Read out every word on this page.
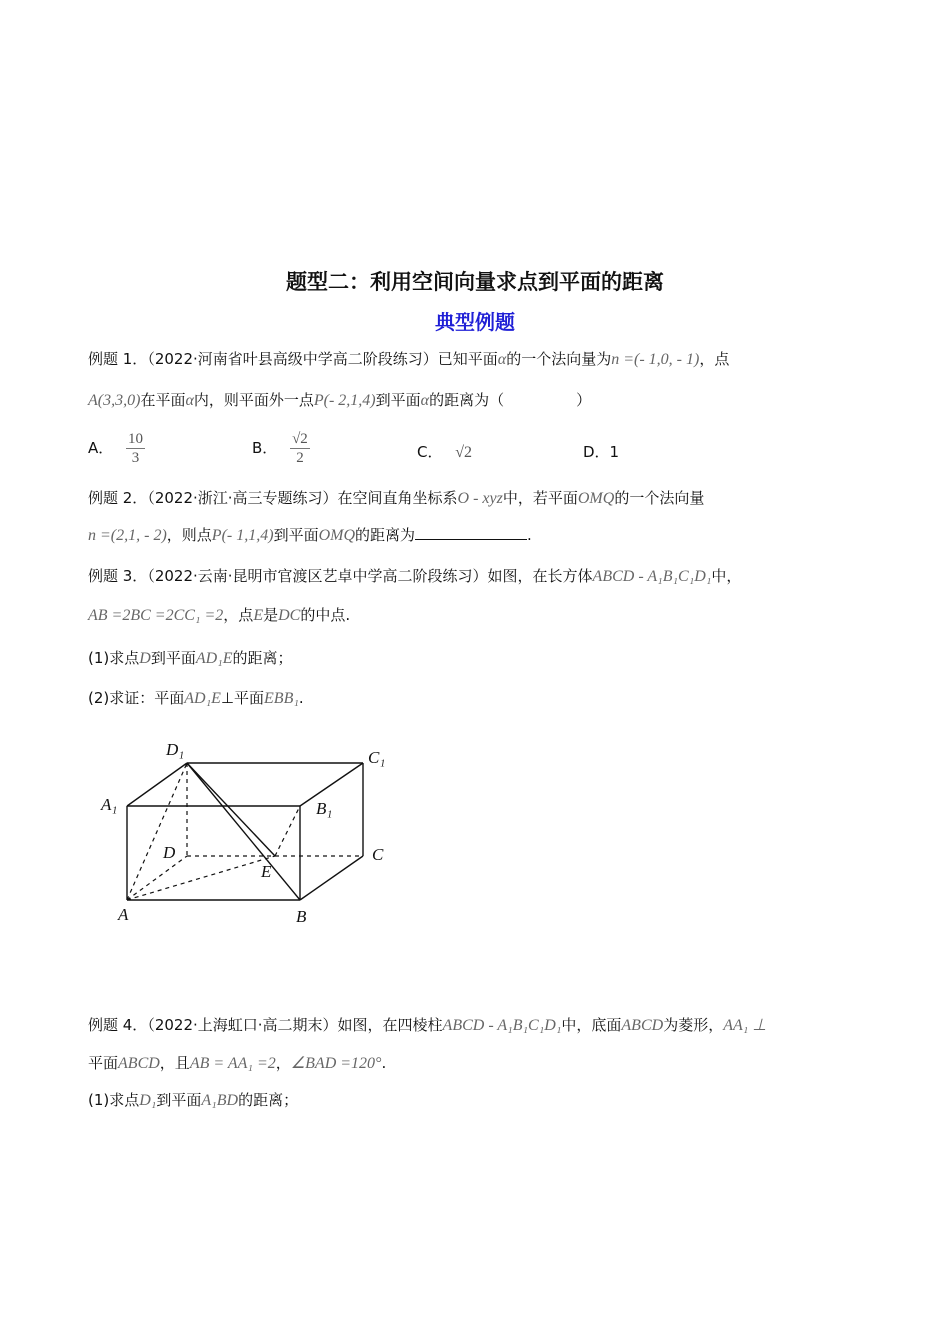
题型二：利用空间向量求点到平面的距离
典型例题
例题 1．（2022·河南省叶县高级中学高二阶段练习）已知平面α的一个法向量为n =(- 1,0, - 1)，点
A(3,3,0)在平面α内，则平面外一点P(- 2,1,4)到平面α的距离为（	）
A． $\frac{10}{3}$	B． $\frac{√2}{2}$	C． √2	D．1
例题 2．（2022·浙江·高三专题练习）在空间直角坐标系O - xyz中，若平面OMQ的一个法向量
n =(2,1, - 2)，则点P(- 1,1,4)到平面OMQ的距离为	.
例题 3．（2022·云南·昆明市官渡区艺卓中学高二阶段练习）如图，在长方体ABCD - A₁B₁C₁D₁中，
AB =2BC =2CC₁ =2，点E是DC的中点.
(1)求点D到平面AD₁E的距离；
(2)求证：平面AD₁E⊥平面EBB₁.
D₁	C₁
A₁	B₁
D	C
E
A	B
例题 4．（2022·上海虹口·高二期末）如图，在四棱柱ABCD - A₁B₁C₁D₁中，底面ABCD为菱形，AA₁ ⊥
平面ABCD，且AB = AA₁ =2，∠BAD =120°.
(1)求点D₁到平面A₁BD的距离；
